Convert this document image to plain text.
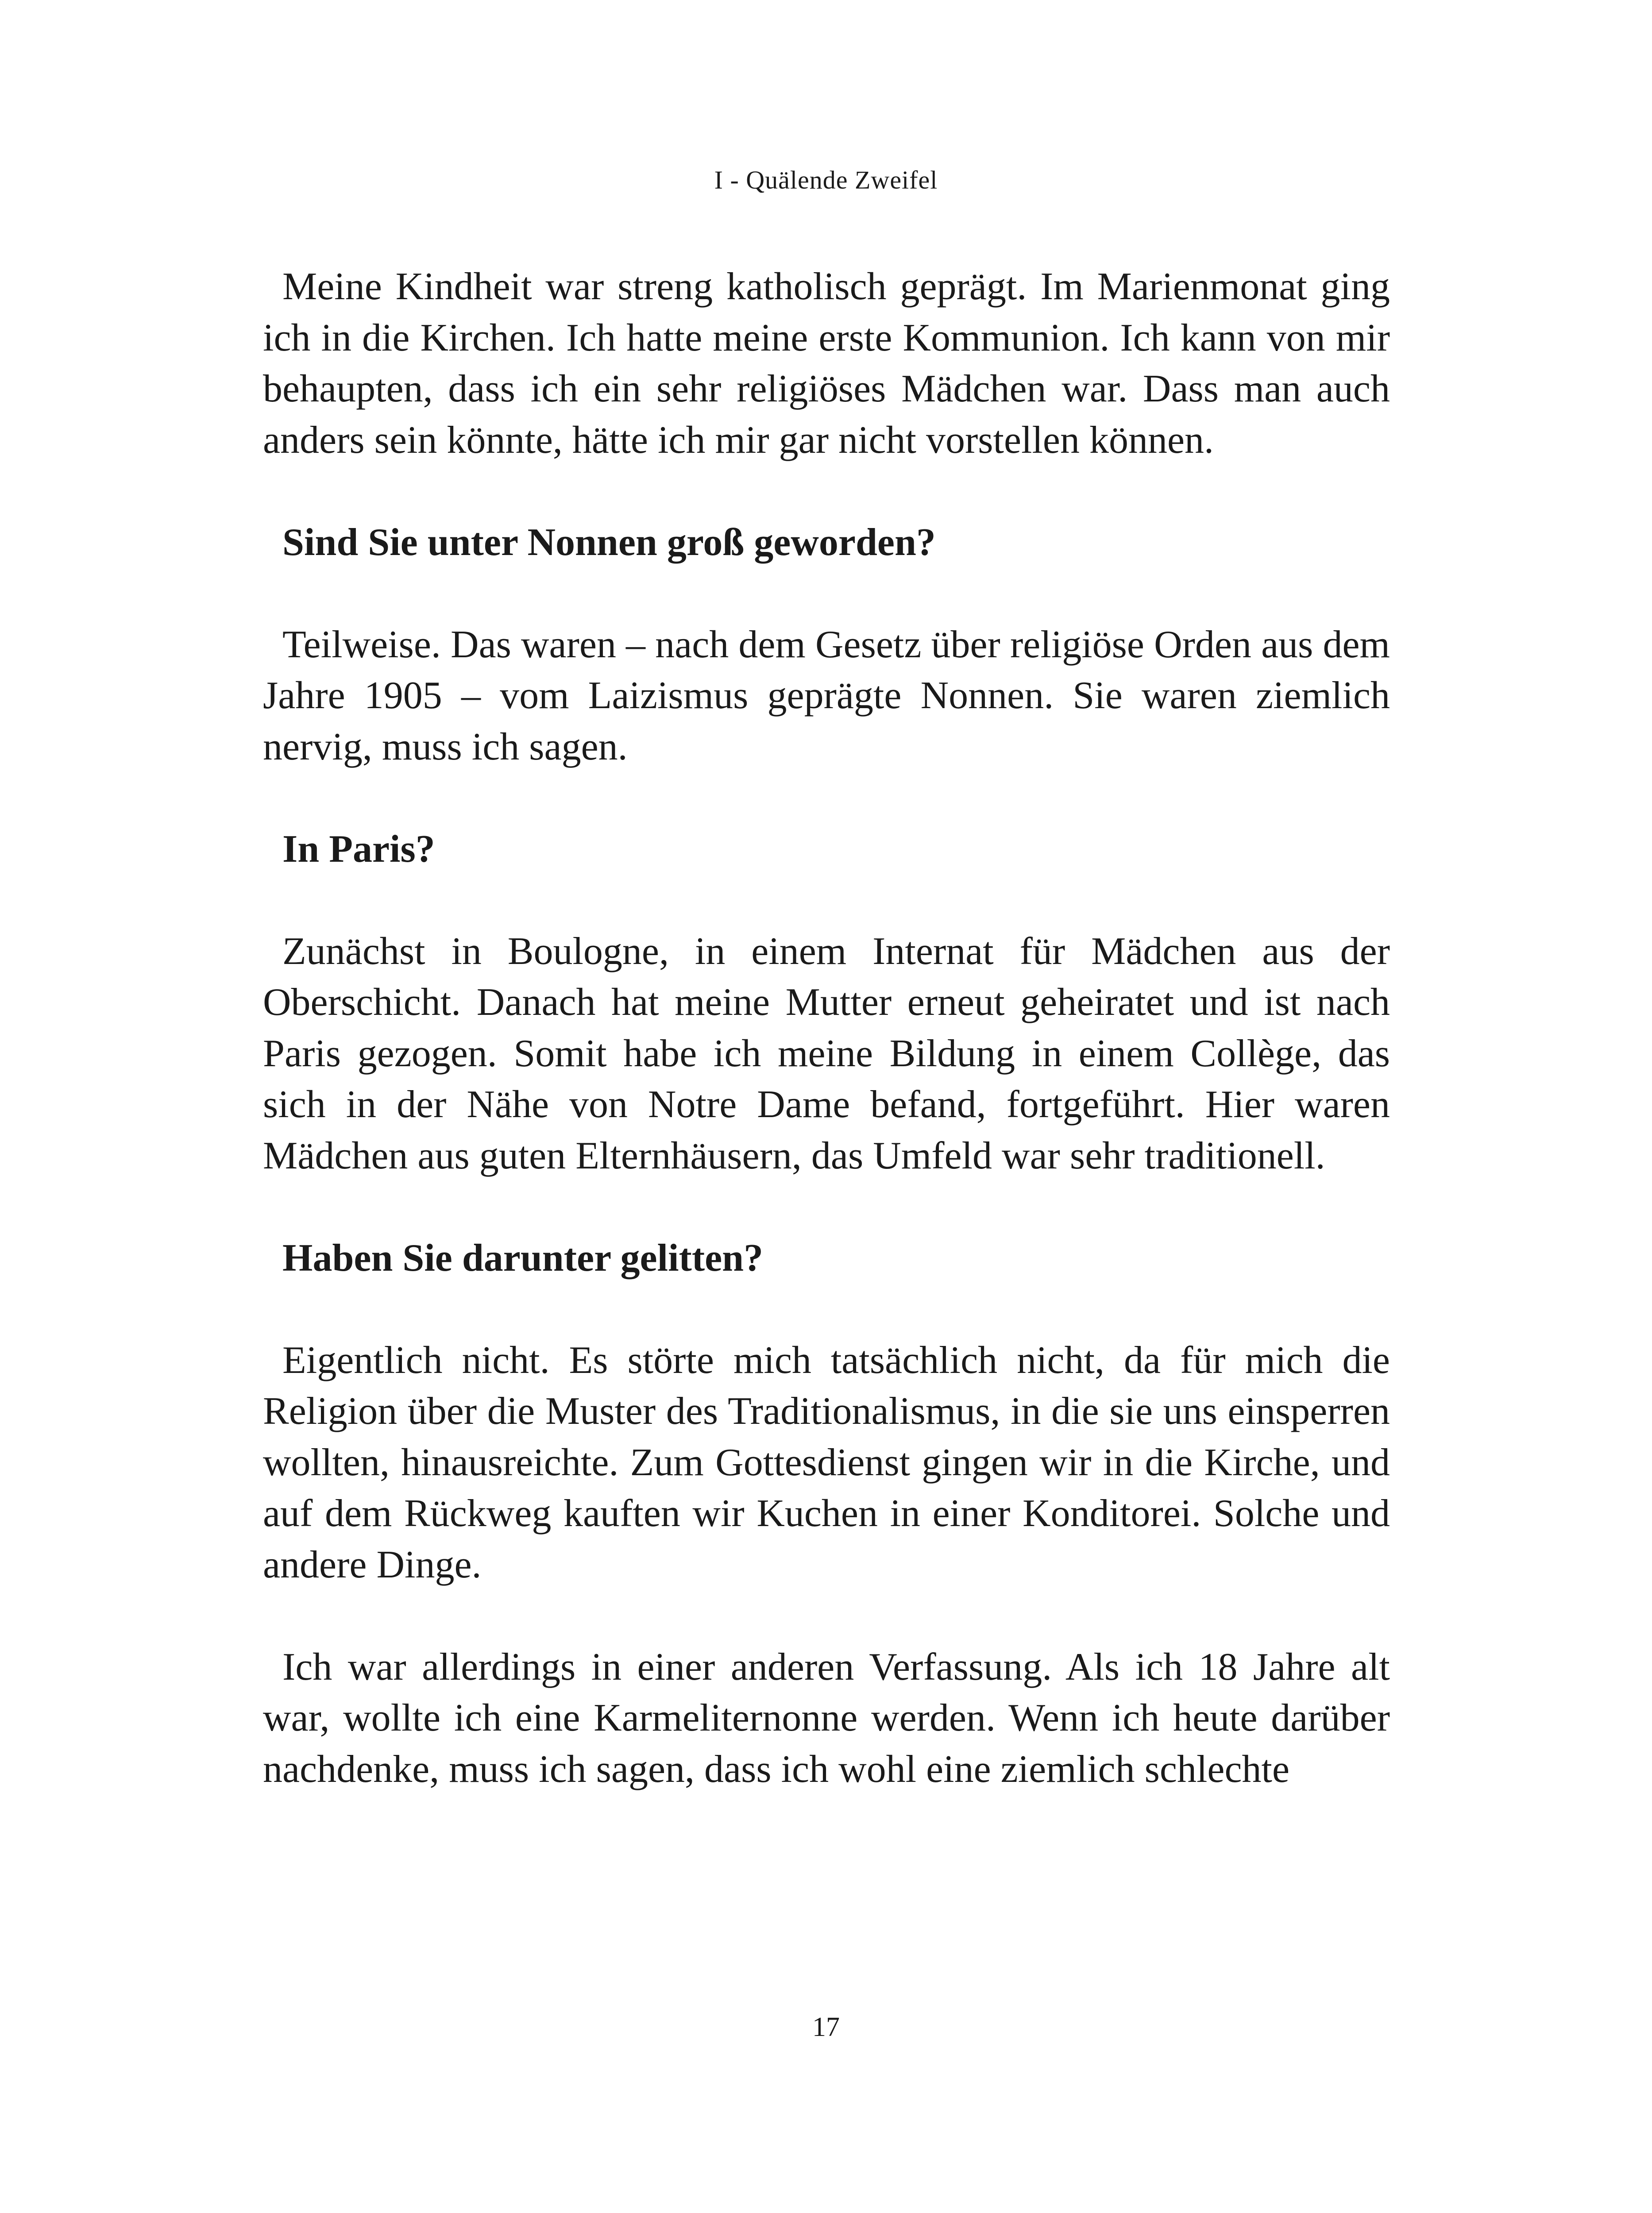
I - Quälende Zweifel

Meine Kindheit war streng katholisch geprägt. Im Marienmonat ging ich in die Kirchen. Ich hatte meine erste Kommunion. Ich kann von mir behaupten, dass ich ein sehr religiöses Mädchen war. Dass man auch anders sein könnte, hätte ich mir gar nicht vorstellen können.

Sind Sie unter Nonnen groß geworden?

Teilweise. Das waren – nach dem Gesetz über religiöse Orden aus dem Jahre 1905 – vom Laizismus geprägte Nonnen. Sie waren ziemlich nervig, muss ich sagen.

In Paris?

Zunächst in Boulogne, in einem Internat für Mädchen aus der Oberschicht. Danach hat meine Mutter erneut geheiratet und ist nach Paris gezogen. Somit habe ich meine Bildung in einem Collège, das sich in der Nähe von Notre Dame befand, fortgeführt. Hier waren Mädchen aus guten Elternhäusern, das Umfeld war sehr traditionell.

Haben Sie darunter gelitten?

Eigentlich nicht. Es störte mich tatsächlich nicht, da für mich die Religion über die Muster des Traditionalismus, in die sie uns einsperren wollten, hinausreichte. Zum Gottesdienst gingen wir in die Kirche, und auf dem Rückweg kauften wir Kuchen in einer Konditorei. Solche und andere Dinge.

Ich war allerdings in einer anderen Verfassung. Als ich 18 Jahre alt war, wollte ich eine Karmeliternonne werden. Wenn ich heute darüber nachdenke, muss ich sagen, dass ich wohl eine ziemlich schlechte

17
